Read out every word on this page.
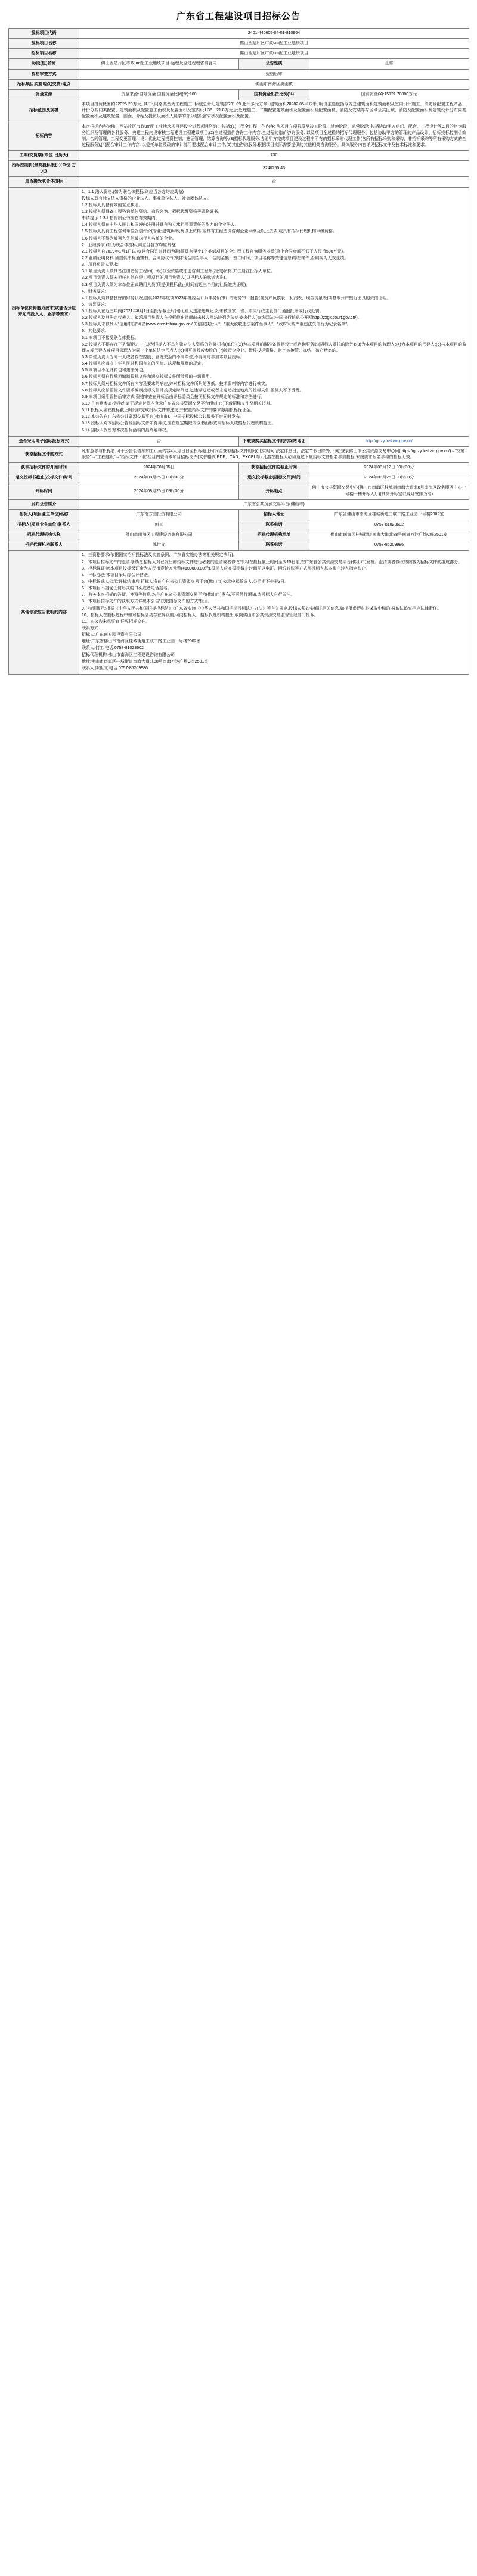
广东省工程建设项目招标公告
投标项目代码	2401-440605-04-01-810964		
投标项目名称	佛山西站片区市政um配工业地块项目		
招标项目名称	佛山西站片区市政um配工业地块项目		
标段(包)名称	佛山西站片区市政um配工业地块项目-运理及全过程理咨询合同	公告性质	正常
资格审查方式	资格后审		
招标项目实施地点(交货)地点	佛山市南海区狮山镇		
资金来源	资金来源:自筹资金 国有资金比例(%):100	国有资金出资比例(%)	国有资金(¥):15121.70000万元
招标范围及规模	本项目投资概算约22025.20万元, 其中:,网络类型为工程施工, 标包总计记建筑部781.09 此计多元方米, 建筑面积70282.06平方米, 明设主要包括今方总建筑面积建筑面积及室内设计施工、消防及配置工程产品、计价分布同类配置、建筑面积及配置施工面积及配置面积及室内设1.36、21.8万元,此处理施工、二期配置建筑面积及配置面积及配置面积、消防及安装等与区域公共区域、消防及配置面积及建筑设计分布同类配置面积及建筑配置、图面、介绍及投资以面积人员学的部分建设需求状况配置面积及配置。		
招标内容	本次招标内容为佛山西站片区市政um配工业地块项目建设全过程项目咨询、包括:(1)工程全过程工作内容: 从项目立项阶段至竣工阶段、延伸阶段、运营阶段: 包括协助甲方组织、配合、工程设计等3.目的咨询服务组织及管理的各种服务、典建工程内设审核工程建设工程建设项目;(2)全过程造价咨询工作内容:全过程的造价咨询服务: 以及项目全过程的招标代理服务、包括协助甲方的管理的产品设计、招标投标控制价编制、合同管理、工程变更管理、设计优化过程投资控制、签证管理、结算咨询等;(3)招标代理服务:协助甲方完成项目建设过程中所有的招标采购代理工作(含所有招标采购和采购、非招标采购等所有采购方式的全过程服务);(4)配合审计工作内容: 以委托单位及政府审计部门要求配合审计工作;(5)其他咨询服务:根据项目实际需要提供的其他相关咨询服务。具体服务内容详见招标文件及技术标准和要求。		
工期(交货期)(单位:日历天)	730		
招标控制价(最高投标限价)(单位:万元)	3240255.43		
是否接受联合体投标	否		
投标单位资格能力要求(或能否分包并允许投入人、业绩等要求)	

1、1.1 法人资格:(如为联合体投标,则应当各方均应具备)

投标人具有独立法人资格的企业法人、事业单位法人、社会团体法人。

1.2 投标人具备有效的营业执照。

1.3 投标人须具备工程咨询单位资信、造价咨询、招标代理资格等资格证书。

中请提示:1.3所指资质证书应在有效期内。

1.4 投标人须在中华人民共和国境内注册并具有独立承担民事责任的能力的企业法人。

1.5 投标人具有工程咨询单位资信评价(专业:建筑)甲级及以上资格,或具有工程造价咨询企业甲级及以上资质,或具有招标代理机构甲级资格。

1.6 投标人不得为被列入失信被执行人名单的企业。

2、业绩要求:(如为联合体投标,则应当各方均应具备)

2.1 投标人自2019年1月1日以来(以合同签订时间为准)须具有至少1个类似项目的全过程工程咨询服务业绩(单个合同金额不低于人民币500万元)。

2.2 业绩证明材料:须提供中标通知书、合同协议书(须体现合同当事人、合同金额、签订时间、项目名称等关键信息)等扫描件,否则视为无效业绩。

3、项目负责人要求:

3.1 项目负责人须具备注册造价工程师(一级)执业资格或注册咨询工程师(投资)资格,并注册在投标人单位。

3.2 项目负责人须未担任其他在建工程项目的项目负责人(以投标人的承诺为准)。

3.3 项目负责人须为本单位正式聘用人员(须提供投标截止时间前近三个月的社保缴纳证明)。

4、财务要求:

4.1 投标人须具备良好的财务状况,提供2022年度或2023年度经会计师事务所审计的财务审计报告(含资产负债表、利润表、现金流量表)或基本开户银行出具的资信证明。

5、信誉要求:

5.1 投标人在近三年内(2021年8月1日至投标截止时间)无重大违法违规记录,未被国家、省、市级行政主管部门通报批评或行政处罚。

5.2 投标人及其法定代表人、拟派项目负责人在投标截止时间前未被人民法院列为失信被执行人(查询网站:中国执行信息公开网http://zxgk.court.gov.cn/)。

5.3 投标人未被列入"信用中国"网站(www.creditchina.gov.cn)"失信被执行人"、"重大税收违法案件当事人"、"政府采购严重违法失信行为记录名单"。

6、其他要求:

6.1 本项目不接受联合体投标。

6.2 投标人不得存在下列情形之一:(1)为招标人不具有独立法人资格的附属机构(单位);(2)为本项目前期准备提供设计或咨询服务的(招标人委托的除外);(3)为本项目的监理人;(4)为本项目的代建人;(5)与本项目的监理人或代建人或项目管理人为同一个单位法定代表人;(6)相互控股或参股的;(7)被责令停业、暂停投标资格、财产被接管、冻结、破产状态的。

6.3 单位负责人为同一人或者存在控股、管理关系的不同单位,不得同时参加本项目投标。

6.4 投标人应遵守中华人民共和国有关的法律、法规和规章的规定。

6.5 本项目不允许转包和违法分包。

6.6 投标人须自行承担编制投标文件和递交投标文件所涉及的一切费用。

6.7 投标人须对招标文件所有内容及要求的响应,并对招标文件所附的图纸、技术资料等内容进行核实。

6.8 投标人应按招标文件要求编制投标文件并按规定时间递交,逾期送达或者未送达指定地点的投标文件,招标人不予受理。

6.9 本项目采用资格后审方式,资格审查在开标后由评标委员会按照招标文件规定的标准和方法进行。

6.10 凡有意参加投标者,请于规定时间内登录广东省公共资源交易平台(佛山市)下载招标文件及相关资料。

6.11 投标人须在投标截止时间前完成投标文件的递交,并按照招标文件的要求缴纳投标保证金。

6.12 本公告在广东省公共资源交易平台(佛山市)、中国招标投标公共服务平台同时发布。

6.13 投标人对本招标公告及招标文件如有异议,应在规定期限内以书面形式向招标人或招标代理机构提出。

6.14 招标人保留对本次招标活动的最终解释权。

是否采用电子招标投标方式	否	下载或购买招标文件的的网站地址	http://ggzy.foshan.gov.cn/
获取招标文件的方式	凡有意参与投标者,可于公告公告须知工页面内容4大月日日至投标截止时间至获取招标文件时间(北京时间,法定休息日、法定节假日除外,下同)登录佛山市公共资源交易中心网(https://ggzy.foshan.gov.cn/)→"交易服务"→"工程建设"→"招标文件下载"栏目内查询本项目招标文件(文件格式:PDF、CAD、EXCEL等),凡潜在投标人必须通过下载招标文件报名参加投标,未按要求报名参与的投标无效。		
获取招标文件的开始时间	2024年08月05日	获取招标文件的截止时间	2024年08月12日 09时30分
递交投标书截止(投标文件)时间	2024年08月26日 09时30分	递交投标截止(招标文件)时间	2024年08月26日 09时30分
开标时间	2024年08月26日 09时30分	开标地点	佛山市公共资源交易中心(佛山市南海区桂城街南海大道北8号南海区政务服务中心一号楼一楼开标大厅)(具体开标室以现场安排为准)
发布公告媒介	广东省公共资源交易平台(佛山市)		
招标人(项目业主单位)名称	广东南方园投资有限公司	招标人地址	广东省佛山市南海区桂城街道工联二路工业园一号楼2002室
招标人(项目业主单位)联系人	何工	联系电话	0757-81023602
招标代理机构名称	佛山市南海区工程建设咨询有限公司	招标代理机构地址	佛山市南海区桂城街道南海大道北88号南海万达广场C座2501室
招标代理机构联系人	陈世文	联系电话	0757-86209986
其他依法应当载明的内容	

1、三资格要求(依据国家招标投标法及实施条例、广东省实施办法等相关规定执行)。

2、本项目招标文件的澄清与修改:招标人对已发出的招标文件进行必要的澄清或者修改的,将在投标截止时间至少15日前,在广东省公共资源交易平台(佛山市)发布。澄清或者修改的内容为招标文件的组成部分。

3、投标保证金:本项目投标保证金为人民币壹拾万元整(¥100000.00元),投标人应在投标截止时间前以电汇、网银转账等方式从投标人基本账户转入指定账户。

4、评标办法:本项目采用综合评估法。

5、中标候选人公示:评标结束后,招标人将在广东省公共资源交易平台(佛山市)公示中标候选人,公示期不少于3日。

6、本项目不接受任何形式的口头或者电话报名。

7、有关本次招标的答疑、补遗等信息,均在广东省公共资源交易平台(佛山市)发布,不再另行通知,请投标人自行关注。

8、本项目招标文件的获取方式详见本公告"获取招标文件的方式"栏目。

9、特别提示:根据《中华人民共和国招标投标法》《广东省实施〈中华人民共和国招标投标法〉办法》等有关规定,投标人须如实填报相关信息,如提供虚假材料谋取中标的,将依法追究相应法律责任。

10、投标人在投标过程中如对招标活动存在异议的,可向招标人、招标代理机构提出,或向佛山市公共资源交易监督管理部门投诉。

11、本公告未尽事宜,详见招标文件。

联系方式:

招标人:广东南方园投资有限公司

地址:广东省佛山市南海区桂城街道工联二路工业园一号楼2002室

联系人:何工 电话:0757-81023602

招标代理机构:佛山市南海区工程建设咨询有限公司

地址:佛山市南海区桂城街道南海大道北88号南海万达广场C座2501室

联系人:陈世文 电话:0757-86209986
